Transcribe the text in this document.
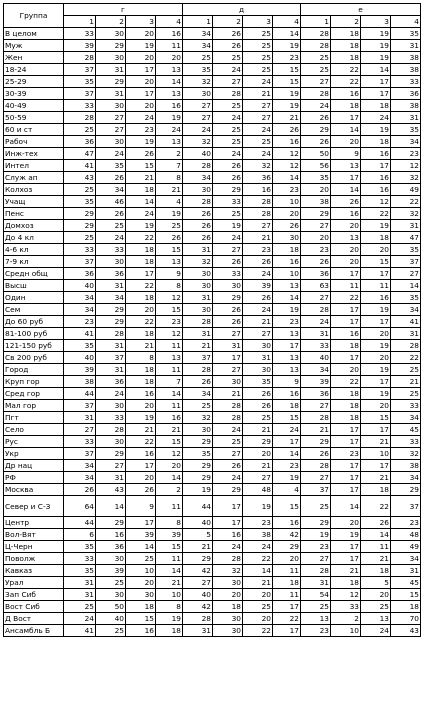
Группа	г				д				е			
	1	2	3	4	1	2	3	4	1	2	3	4
В целом	33	30	20	16	34	26	25	14	28	18	19	35
Муж	39	29	19	11	34	26	25	19	28	18	19	31
Жен	28	30	20	20	25	25	25	23	25	18	19	38
18-24	37	31	17	13	35	24	25	15	25	22	14	38
25-29	35	29	20	14	32	27	24	15	27	22	17	33
30-39	37	31	17	13	30	28	21	19	28	16	17	36
40-49	33	30	20	16	27	25	27	19	24	18	18	38
50-59	28	27	24	19	27	24	27	21	26	17	24	31
60 и ст	25	27	23	24	24	25	24	26	29	14	19	35
Рабоч	36	30	19	13	32	25	25	16	26	20	18	34
Инж-тех	47	24	26	2	40	24	24	12	50	9	16	23
Интел	41	35	15	7	28	26	32	12	56	13	17	12
Служ ап	43	26	21	8	34	26	36	14	35	17	16	32
Колхоз	25	34	18	21	30	29	16	23	20	14	16	49
Учащ	35	46	14	4	28	33	28	10	38	26	12	22
Пенс	29	26	24	19	26	25	28	20	29	16	22	32
Домхоз	29	25	19	25	26	19	27	26	27	20	19	31
До 4 кл	25	24	22	26	26	24	21	30	20	13	18	47
4-6 кл	33	33	18	15	31	27	23	18	23	20	20	35
7-9 кл	37	30	18	13	32	26	26	16	26	20	15	37
Средн общ	36	36	17	9	30	33	24	10	36	17	17	27
Высш	40	31	22	8	30	30	39	13	63	11	11	14
Один	34	34	18	12	31	29	26	14	27	22	16	35
Сем	34	29	20	15	30	26	24	19	28	17	19	34
До 60 руб	23	29	22	23	28	26	21	23	24	17	17	41
81-100 руб	41	28	18	12	31	27	27	13	31	16	20	31
121-150 руб	35	31	21	11	21	31	30	17	33	18	19	28
Св 200 руб	40	37	8	13	37	17	31	13	40	17	20	22
Город	39	31	18	11	28	27	30	13	34	20	19	25
Круп гор	38	36	18	7	26	30	35	9	39	22	17	21
Сред гор	44	24	16	14	34	21	26	16	36	18	19	25
Мал гор	37	30	20	11	25	28	26	18	27	18	20	33
Пгт	31	33	19	16	32	28	25	15	28	18	15	34
Село	27	28	21	21	30	24	21	24	21	17	17	45
Рус	33	30	22	15	29	25	29	17	29	17	21	33
Укр	37	29	16	12	35	27	20	14	26	23	10	32
Др нац	34	27	17	20	29	26	21	23	28	17	17	38
РФ	34	31	20	14	29	24	27	19	27	17	21	34
Москва	26	43	26	2	19	29	48	4	37	17	18	29
Север и С-З	64	14	9	11	44	17	19	15	25	14	22	37
Центр	44	29	17	8	40	17	23	16	29	20	26	23
Вол-Вят	6	16	39	39	5	16	38	42	19	19	14	48
Ц-Черн	35	36	14	15	21	24	24	29	23	17	11	49
Поволж	33	30	25	11	29	28	22	20	27	17	21	34
Кавказ	35	39	10	14	42	32	14	11	28	21	18	31
Урал	31	25	20	21	27	30	21	18	31	18	5	45
Зап Сиб	31	30	30	10	40	20	20	11	54	12	20	15
Вост Сиб	25	50	18	8	42	18	25	17	25	33	25	18
Д Вост	24	40	15	19	28	30	20	22	13	2	13	70
Ансамбль Б	41	25	16	18	31	30	22	17	23	10	24	43
